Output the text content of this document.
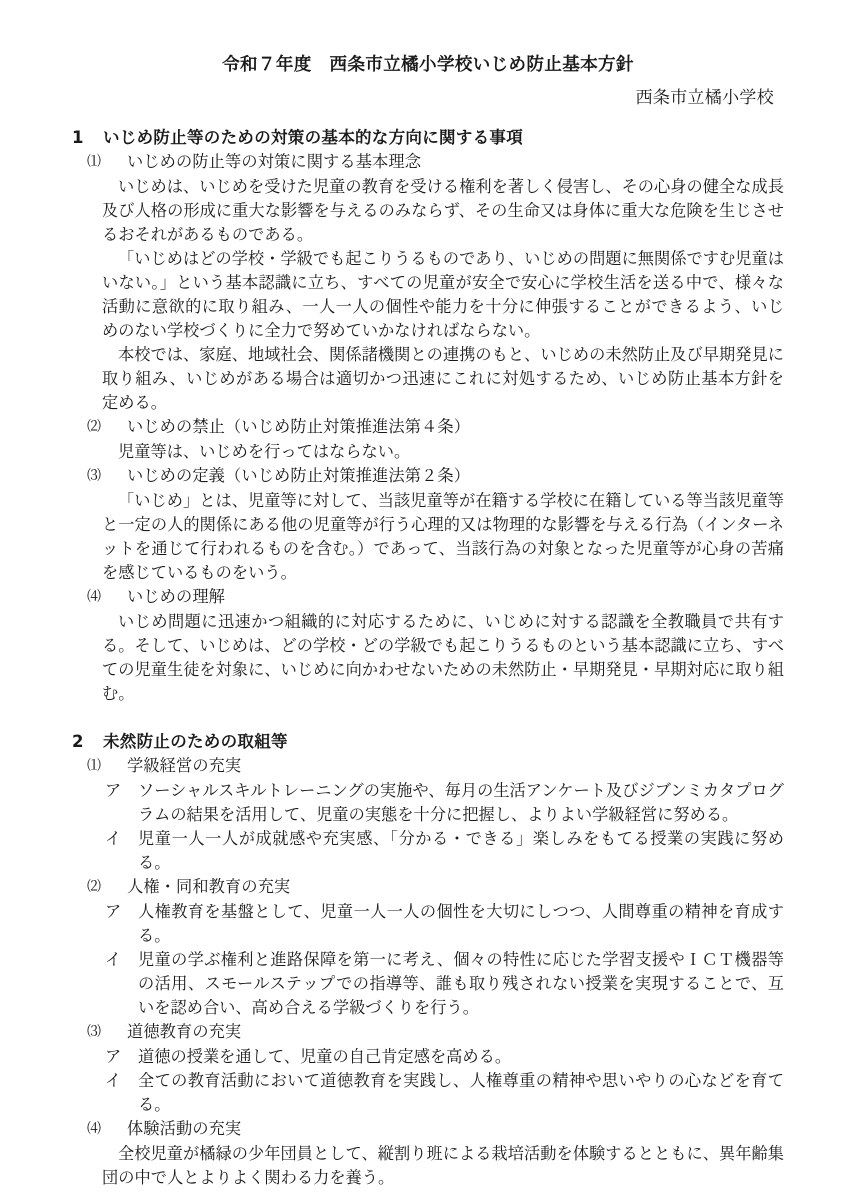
令和７年度　西条市立橘小学校いじめ防止基本方針
西条市立橘小学校
1	いじめ防止等のための対策の基本的な方向に関する事項
⑴	いじめの防止等の対策に関する基本理念

いじめは、いじめを受けた児童の教育を受ける権利を著しく侵害し、その心身の健全な成長及び人格の形成に重大な影響を与えるのみならず、その生命又は身体に重大な危険を生じさせるおそれがあるものである。

「いじめはどの学校・学級でも起こりうるものであり、いじめの問題に無関係ですむ児童はいない。」という基本認識に立ち、すべての児童が安全で安心に学校生活を送る中で、様々な活動に意欲的に取り組み、一人一人の個性や能力を十分に伸張することができるよう、いじめのない学校づくりに全力で努めていかなければならない。

本校では、家庭、地域社会、関係諸機関との連携のもと、いじめの未然防止及び早期発見に取り組み、いじめがある場合は適切かつ迅速にこれに対処するため、いじめ防止基本方針を定める。

⑵	いじめの禁止（いじめ防止対策推進法第４条）

児童等は、いじめを行ってはならない。

⑶	いじめの定義（いじめ防止対策推進法第２条）

「いじめ」とは、児童等に対して、当該児童等が在籍する学校に在籍している等当該児童等と一定の人的関係にある他の児童等が行う心理的又は物理的な影響を与える行為（インターネットを通じて行われるものを含む。）であって、当該行為の対象となった児童等が心身の苦痛を感じているものをいう。

⑷	いじめの理解

いじめ問題に迅速かつ組織的に対応するために、いじめに対する認識を全教職員で共有する。そして、いじめは、どの学校・どの学級でも起こりうるものという基本認識に立ち、すべての児童生徒を対象に、いじめに向かわせないための未然防止・早期発見・早期対応に取り組む。

2	未然防止のための取組等
⑴	学級経営の充実
ア	ソーシャルスキルトレーニングの実施や、毎月の生活アンケート及びジブンミカタプログラムの結果を活用して、児童の実態を十分に把握し、よりよい学級経営に努める。
イ	児童一人一人が成就感や充実感、「分かる・できる」楽しみをもてる授業の実践に努める。
⑵	人権・同和教育の充実
ア	人権教育を基盤として、児童一人一人の個性を大切にしつつ、人間尊重の精神を育成する。
イ	児童の学ぶ権利と進路保障を第一に考え、個々の特性に応じた学習支援やＩＣＴ機器等の活用、スモールステップでの指導等、誰も取り残されない授業を実現することで、互いを認め合い、高め合える学級づくりを行う。
⑶	道徳教育の充実
ア	道徳の授業を通して、児童の自己肯定感を高める。
イ	全ての教育活動において道徳教育を実践し、人権尊重の精神や思いやりの心などを育てる。
⑷	体験活動の充実

全校児童が橘緑の少年団員として、縦割り班による栽培活動を体験するとともに、異年齢集団の中で人とよりよく関わる力を養う。
